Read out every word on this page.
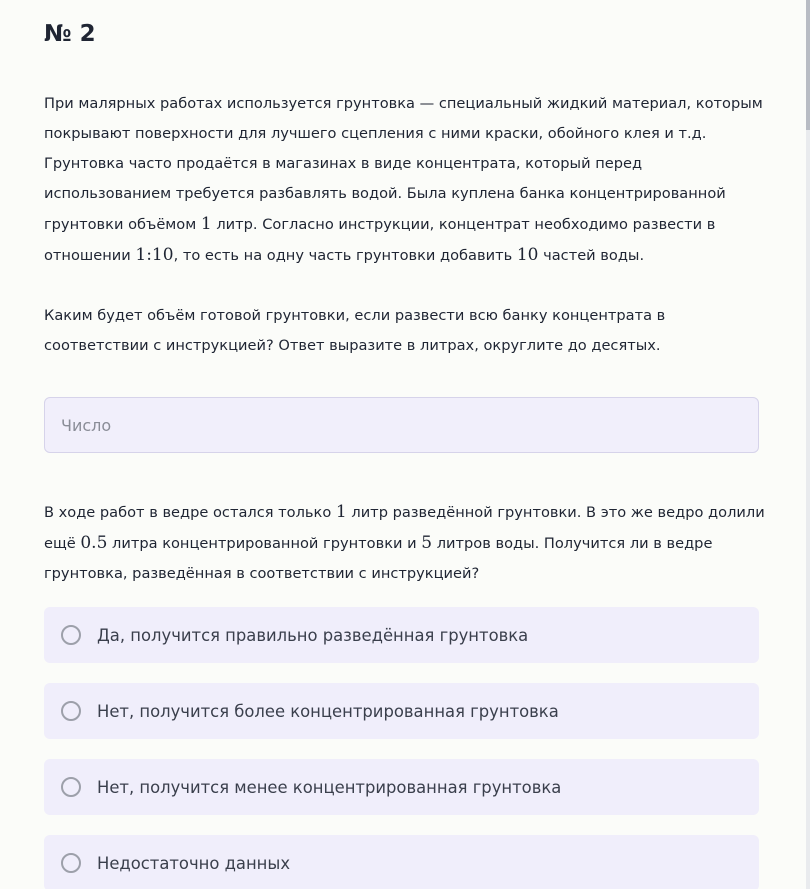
№ 2

При малярных работах используется грунтовка — специальный жидкий материал, которым покрывают поверхности для лучшего сцепления с ними краски, обойного клея и т.д. Грунтовка часто продаётся в магазинах в виде концентрата, который перед использованием требуется разбавлять водой. Была куплена банка концентрированной грунтовки объёмом 1 литр. Согласно инструкции, концентрат необходимо развести в отношении 1:10, то есть на одну часть грунтовки добавить 10 частей воды.

Каким будет объём готовой грунтовки, если развести всю банку концентрата в соответствии с инструкцией? Ответ выразите в литрах, округлите до десятых.

Число

В ходе работ в ведре остался только 1 литр разведённой грунтовки. В это же ведро долили ещё 0.5 литра концентрированной грунтовки и 5 литров воды. Получится ли в ведре грунтовка, разведённая в соответствии с инструкцией?

Да, получится правильно разведённая грунтовка
Нет, получится более концентрированная грунтовка
Нет, получится менее концентрированная грунтовка
Недостаточно данных
